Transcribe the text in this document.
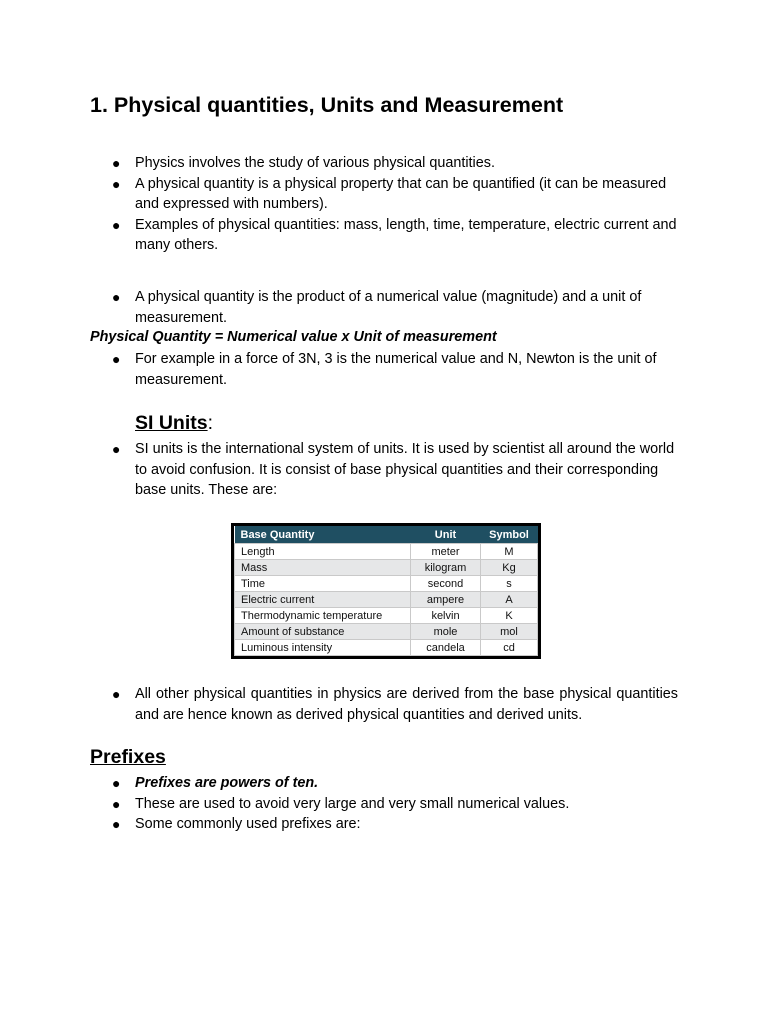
1. Physical quantities, Units and Measurement
● Physics involves the study of various physical quantities.
● A physical quantity is a physical property that can be quantified (it can be measured and expressed with numbers).
● Examples of physical quantities: mass, length, time, temperature, electric current and many others.
● A physical quantity is the product of a numerical value (magnitude) and a unit of measurement.

Physical Quantity = Numerical value x Unit of measurement

● For example in a force of 3N, 3 is the numerical value and N, Newton is the unit of measurement.
SI Units:
● SI units is the international system of units. It is used by scientist all around the world to avoid confusion. It is consist of base physical quantities and their corresponding base units. These are:
Base Quantity	Unit	Symbol
Length	meter	M
Mass	kilogram	Kg
Time	second	s
Electric current	ampere	A
Thermodynamic temperature	kelvin	K
Amount of substance	mole	mol
Luminous intensity	candela	cd
● All other physical quantities in physics are derived from the base physical quantities and are hence known as derived physical quantities and derived units.
Prefixes
● Prefixes are powers of ten.
● These are used to avoid very large and very small numerical values.
● Some commonly used prefixes are:
